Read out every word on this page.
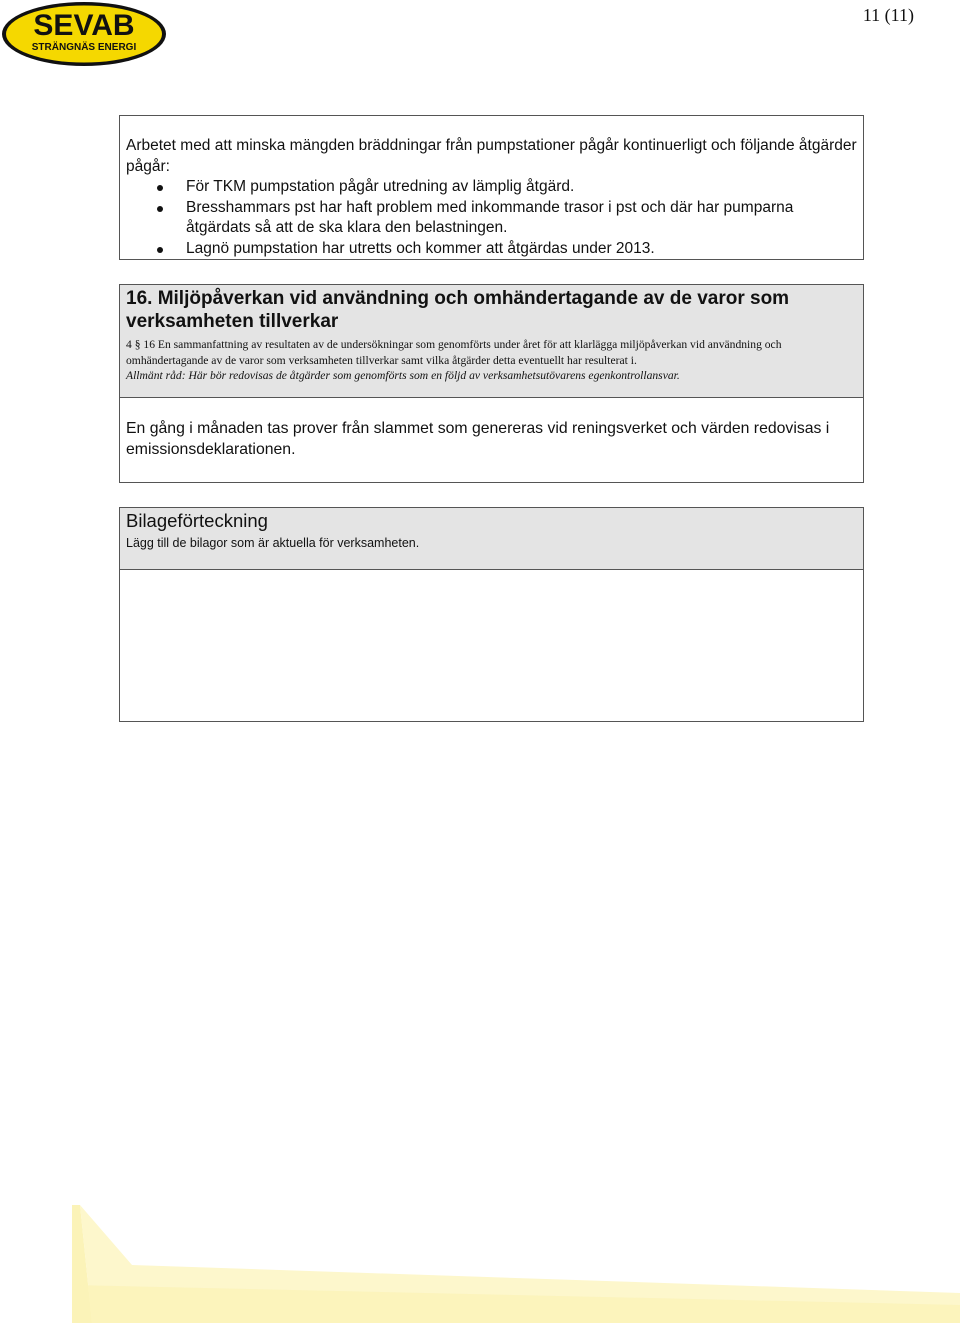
SEVAB
STRÄNGNÄS ENERGI
11 (11)

Arbetet med att minska mängden bräddningar från pumpstationer pågår kontinuerligt och följande åtgärder pågår:

För TKM pumpstation pågår utredning av lämplig åtgärd.
Bresshammars pst har haft problem med inkommande trasor i pst och där har pumparna åtgärdats så att de ska klara den belastningen.
Lagnö pumpstation har utretts och kommer att åtgärdas under 2013.
16. Miljöpåverkan vid användning och omhändertagande av de varor som verksamheten tillverkar

4 § 16 En sammanfattning av resultaten av de undersökningar som genomförts under året för att klarlägga miljöpåverkan vid användning och omhändertagande av de varor som verksamheten tillverkar samt vilka åtgärder detta eventuellt har resulterat i.

Allmänt råd: Här bör redovisas de åtgärder som genomförts som en följd av verksamhetsutövarens egenkontrollansvar.

En gång i månaden tas prover från slammet som genereras vid reningsverket och värden redovisas i emissionsdeklarationen.

Bilageförteckning

Lägg till de bilagor som är aktuella för verksamheten.
